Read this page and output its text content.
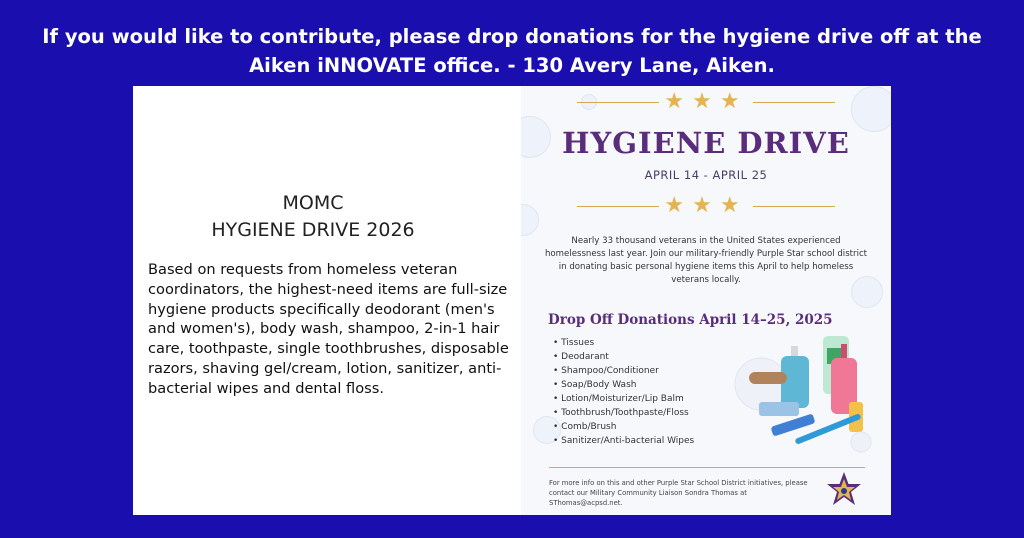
If you would like to contribute, please drop donations for the hygiene drive off at the
Aiken iNNOVATE office. - 130 Avery Lane, Aiken.
MOMC
HYGIENE DRIVE 2026
Based on requests from homeless veteran coordinators, the highest-need items are full-size hygiene products specifically deodorant (men's and women's), body wash, shampoo, 2-in-1 hair care, toothpaste, single toothbrushes, disposable razors, shaving gel/cream, lotion, sanitizer, anti-bacterial wipes and dental floss.
★★★
HYGIENE DRIVE
APRIL 14 - APRIL 25
★★★
Nearly 33 thousand veterans in the United States experienced homelessness last year. Join our military-friendly Purple Star school district in donating basic personal hygiene items this April to help homeless veterans locally.
Drop Off Donations April 14–25, 2025
• Tissues
• Deodarant
• Shampoo/Conditioner
• Soap/Body Wash
• Lotion/Moisturizer/Lip Balm
• Toothbrush/Toothpaste/Floss
• Comb/Brush
• Sanitizer/Anti-bacterial Wipes
For more info on this and other Purple Star School District initiatives, please contact our Military Community Liaison Sondra Thomas at SThomas@acpsd.net.
